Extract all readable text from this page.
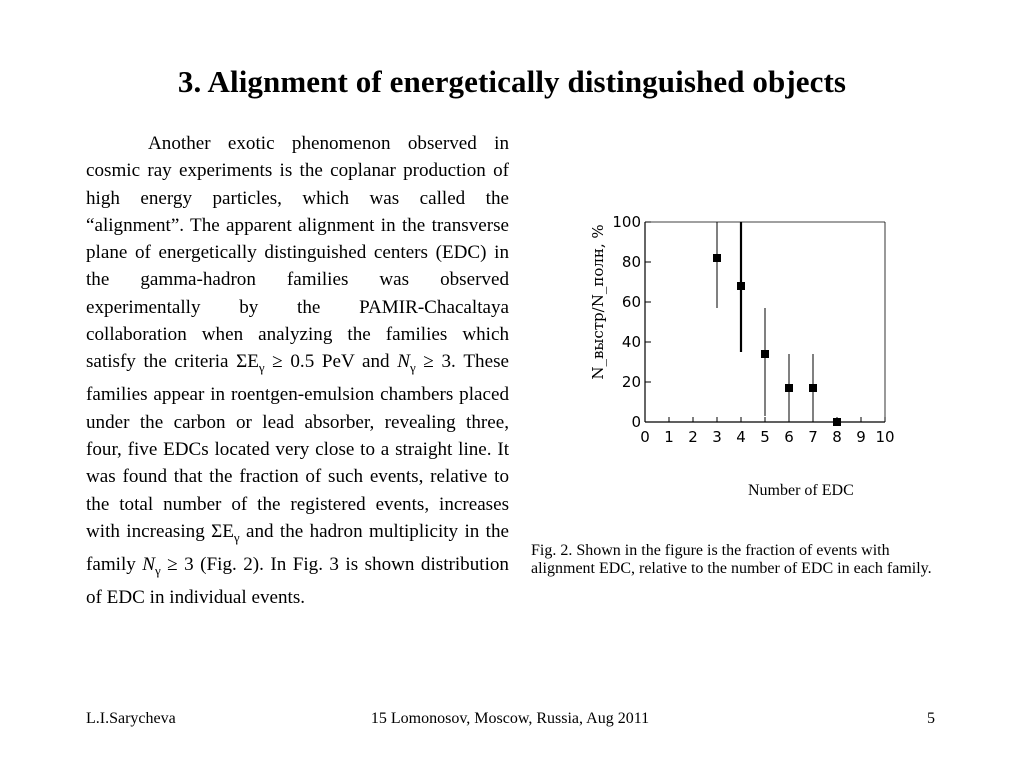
3. Alignment of energetically distinguished objects
Another exotic phenomenon observed in cosmic ray experiments is the coplanar production of high energy particles, which was called the “alignment”. The apparent alignment in the transverse plane of energetically distinguished centers (EDC) in the gamma-hadron families was observed experimentally by the PAMIR-Chacaltaya collaboration when analyzing the families which satisfy the criteria $\Sigma E_\gamma \ge 0.5$ PeV and $N_\gamma \ge 3$. These families appear in roentgen-emulsion chambers placed under the carbon or lead absorber, revealing three, four, five EDCs located very close to a straight line. It was found that the fraction of such events, relative to the total number of the registered events, increases with increasing $\Sigma E_\gamma$ and the hadron multiplicity in the family $N_\gamma \ge 3$ (Fig. 2). In Fig. 3 is shown distribution of EDC in individual events.
0
20
40
60
80
100
0 1 2 3 4 5 6 7 8 9 10
N_выстр/N_полн, %
Number of EDC
Fig. 2. Shown in the figure is the fraction of events with alignment EDC, relative to the number of EDC in each family.
L.I.Sarycheva	15 Lomonosov, Moscow, Russia, Aug 2011	5
